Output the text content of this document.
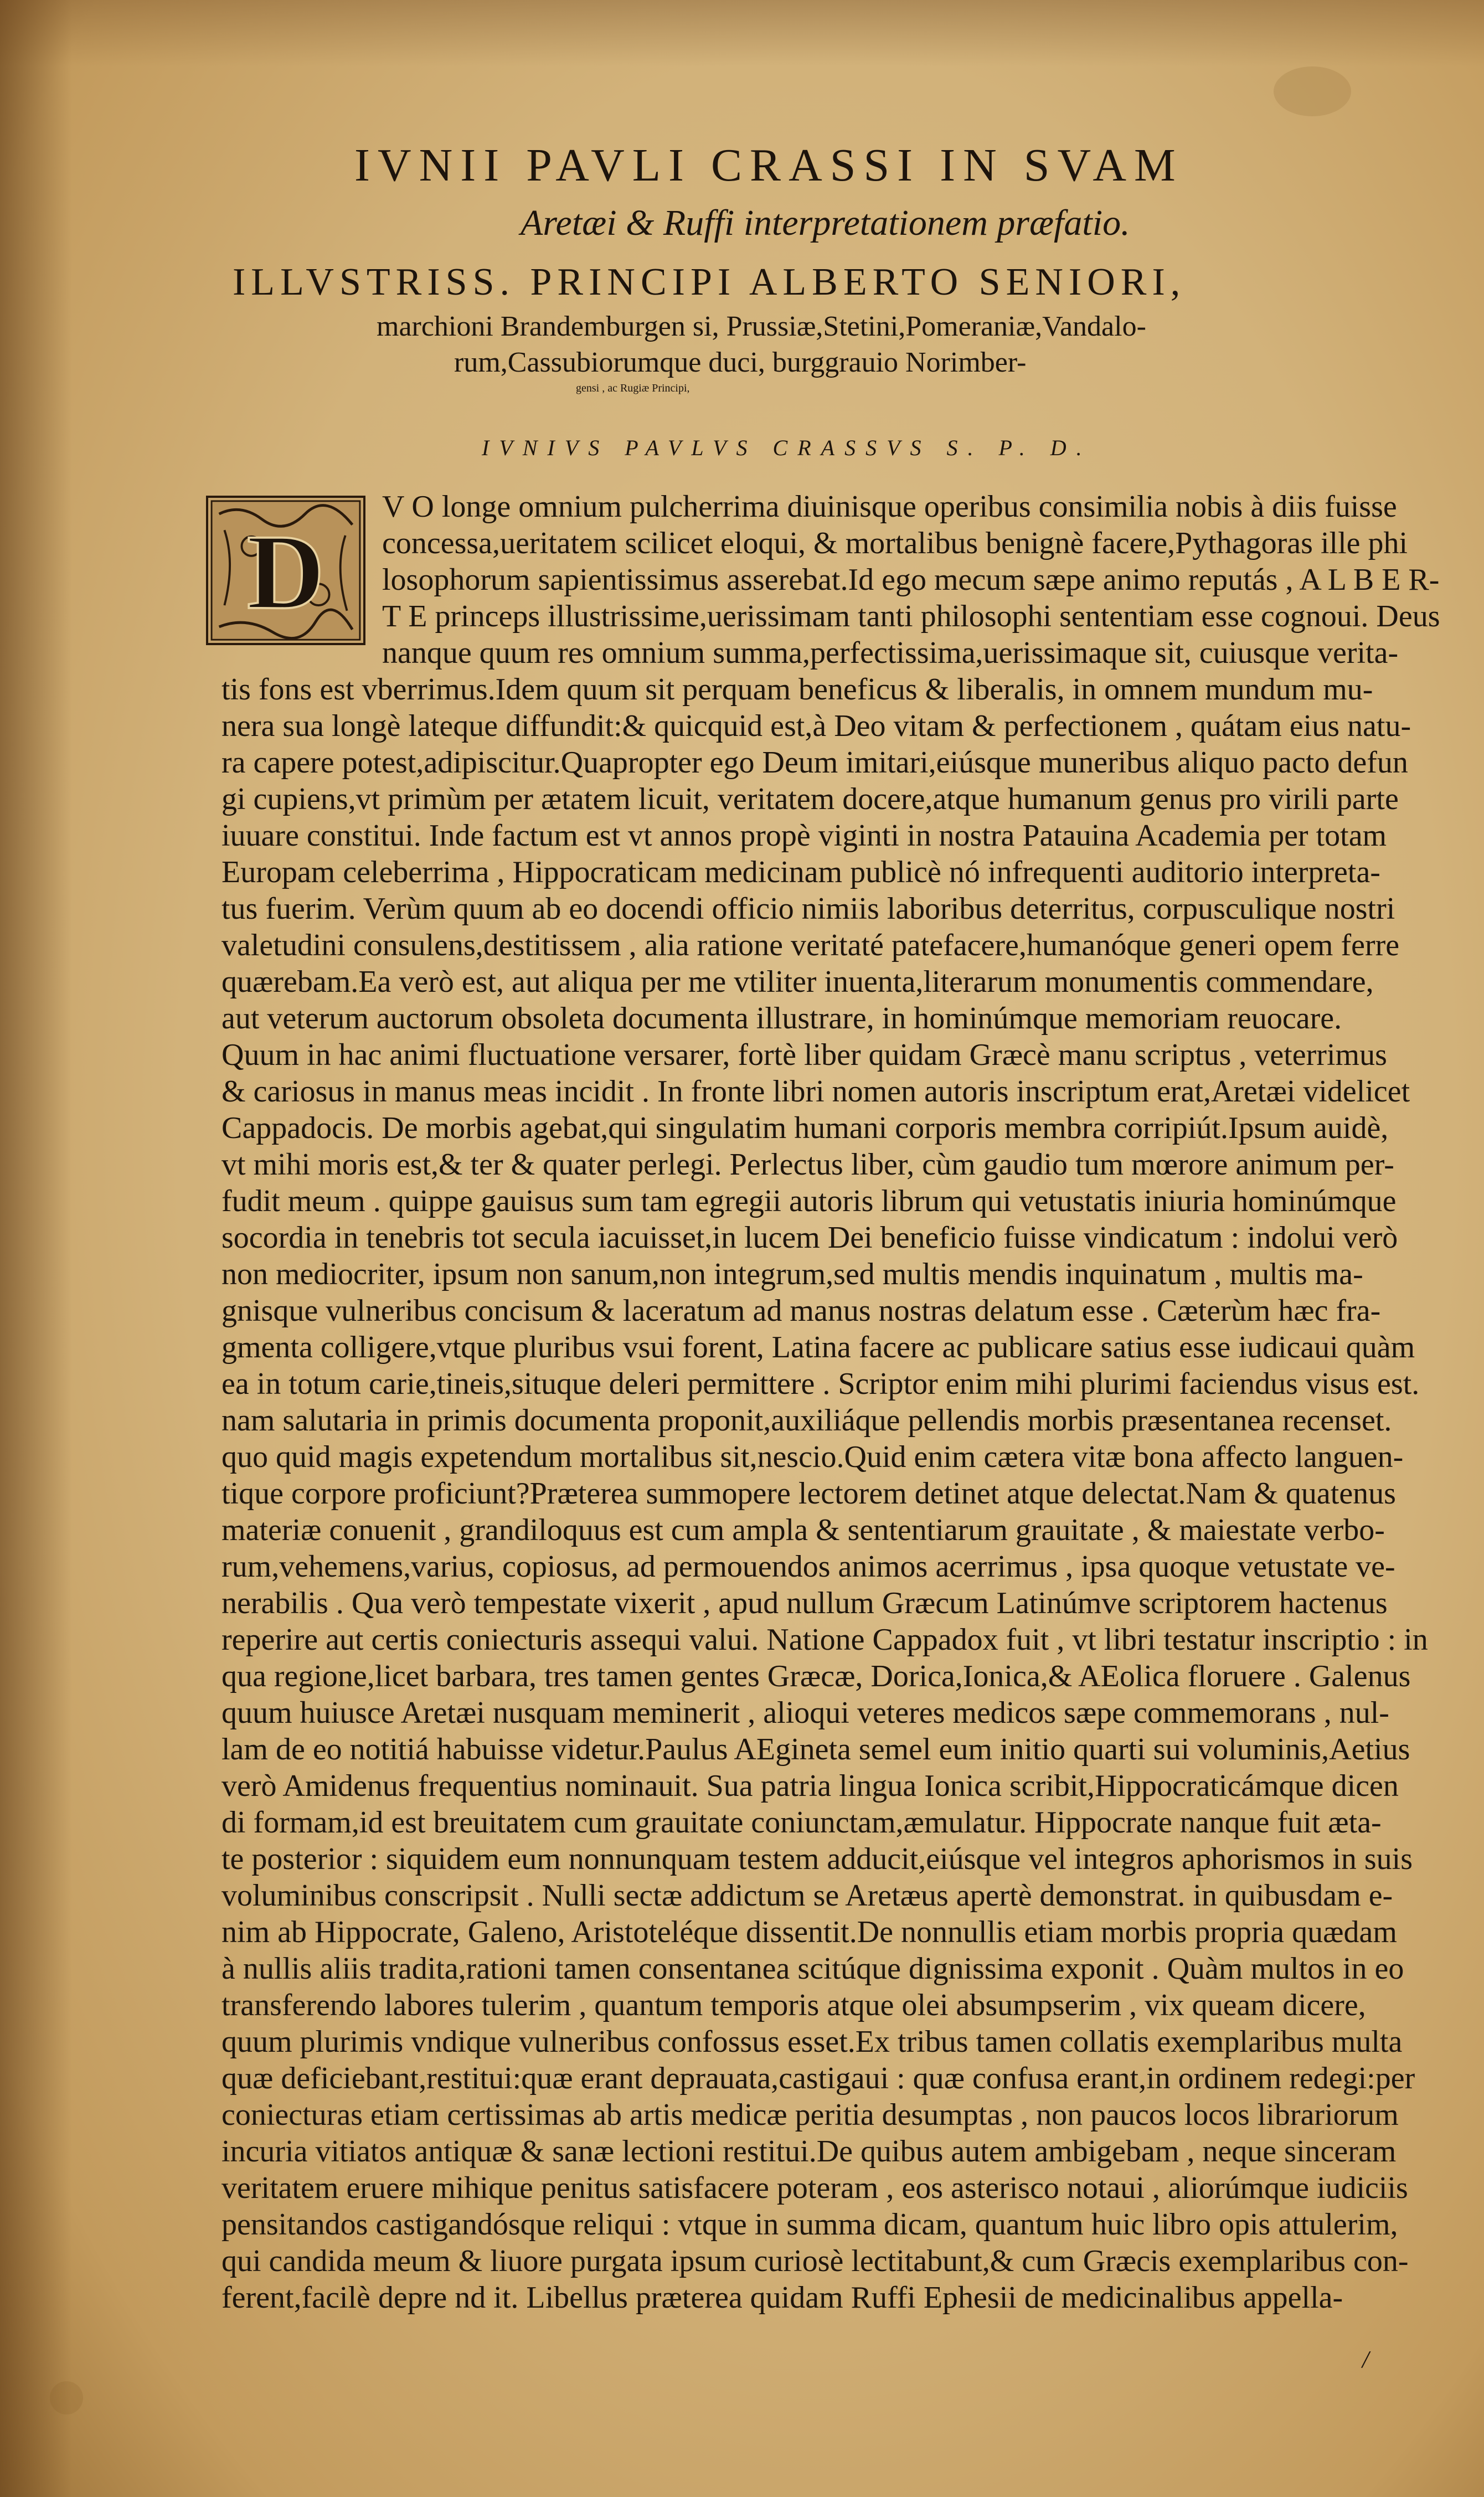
IVNII PAVLI CRASSI IN SVAM
Aretæi & Ruffi interpretationem præfatio.
ILLVSTRISS. PRINCIPI ALBERTO SENIORI,
marchioni Brandemburgen si, Prussiæ,Stetini,Pomeraniæ,Vandalo-
rum,Cassubiorumque duci, burggrauio Norimber-
gensi , ac Rugiæ Principi,
IVNIVS PAVLVS CRASSVS S. P. D.
D
V O longe omnium pulcherrima diuinisque operibus consimilia nobis à diis fuisse
concessa,ueritatem scilicet eloqui, & mortalibus benignè facere,Pythagoras ille phi
losophorum sapientissimus asserebat.Id ego mecum sæpe animo reputás , A L B E R-
T E princeps illustrissime,uerissimam tanti philosophi sententiam esse cognoui. Deus
nanque quum res omnium summa,perfectissima,uerissimaque sit, cuiusque verita-
tis fons est vberrimus.Idem quum sit perquam beneficus & liberalis, in omnem mundum mu-
nera sua longè lateque diffundit:& quicquid est,à Deo vitam & perfectionem , quátam eius natu-
ra capere potest,adipiscitur.Quapropter ego Deum imitari,eiúsque muneribus aliquo pacto defun
gi cupiens,vt primùm per ætatem licuit, veritatem docere,atque humanum genus pro virili parte
iuuare constitui. Inde factum est vt annos propè viginti in nostra Patauina Academia per totam
Europam celeberrima , Hippocraticam medicinam publicè nó infrequenti auditorio interpreta-
tus fuerim. Verùm quum ab eo docendi officio nimiis laboribus deterritus, corpusculique nostri
valetudini consulens,destitissem , alia ratione veritaté patefacere,humanóque generi opem ferre
quærebam.Ea verò est, aut aliqua per me vtiliter inuenta,literarum monumentis commendare,
aut veterum auctorum obsoleta documenta illustrare, in hominúmque memoriam reuocare.
Quum in hac animi fluctuatione versarer, fortè liber quidam Græcè manu scriptus , veterrimus
& cariosus in manus meas incidit . In fronte libri nomen autoris inscriptum erat,Aretæi videlicet
Cappadocis. De morbis agebat,qui singulatim humani corporis membra corripiút.Ipsum auidè,
vt mihi moris est,& ter & quater perlegi. Perlectus liber, cùm gaudio tum mœrore animum per-
fudit meum . quippe gauisus sum tam egregii autoris librum qui vetustatis iniuria hominúmque
socordia in tenebris tot secula iacuisset,in lucem Dei beneficio fuisse vindicatum : indolui verò
non mediocriter, ipsum non sanum,non integrum,sed multis mendis inquinatum , multis ma-
gnisque vulneribus concisum & laceratum ad manus nostras delatum esse . Cæterùm hæc fra-
gmenta colligere,vtque pluribus vsui forent, Latina facere ac publicare satius esse iudicaui quàm
ea in totum carie,tineis,situque deleri permittere . Scriptor enim mihi plurimi faciendus visus est.
nam salutaria in primis documenta proponit,auxiliáque pellendis morbis præsentanea recenset.
quo quid magis expetendum mortalibus sit,nescio.Quid enim cætera vitæ bona affecto languen-
tique corpore proficiunt?Præterea summopere lectorem detinet atque delectat.Nam & quatenus
materiæ conuenit , grandiloquus est cum ampla & sententiarum grauitate , & maiestate verbo-
rum,vehemens,varius, copiosus, ad permouendos animos acerrimus , ipsa quoque vetustate ve-
nerabilis . Qua verò tempestate vixerit , apud nullum Græcum Latinúmve scriptorem hactenus
reperire aut certis coniecturis assequi valui. Natione Cappadox fuit , vt libri testatur inscriptio : in
qua regione,licet barbara, tres tamen gentes Græcæ, Dorica,Ionica,& AEolica floruere . Galenus
quum huiusce Aretæi nusquam meminerit , alioqui veteres medicos sæpe commemorans , nul-
lam de eo notitiá habuisse videtur.Paulus AEgineta semel eum initio quarti sui voluminis,Aetius
verò Amidenus frequentius nominauit. Sua patria lingua Ionica scribit,Hippocraticámque dicen
di formam,id est breuitatem cum grauitate coniunctam,æmulatur. Hippocrate nanque fuit æta-
te posterior : siquidem eum nonnunquam testem adducit,eiúsque vel integros aphorismos in suis
voluminibus conscripsit . Nulli sectæ addictum se Aretæus apertè demonstrat. in quibusdam e-
nim ab Hippocrate, Galeno, Aristoteléque dissentit.De nonnullis etiam morbis propria quædam
à nullis aliis tradita,rationi tamen consentanea scitúque dignissima exponit . Quàm multos in eo
transferendo labores tulerim , quantum temporis atque olei absumpserim , vix queam dicere,
quum plurimis vndique vulneribus confossus esset.Ex tribus tamen collatis exemplaribus multa
quæ deficiebant,restitui:quæ erant deprauata,castigaui : quæ confusa erant,in ordinem redegi:per
coniecturas etiam certissimas ab artis medicæ peritia desumptas , non paucos locos librariorum
incuria vitiatos antiquæ & sanæ lectioni restitui.De quibus autem ambigebam , neque sinceram
veritatem eruere mihique penitus satisfacere poteram , eos asterisco notaui , aliorúmque iudiciis
pensitandos castigandósque reliqui : vtque in summa dicam, quantum huic libro opis attulerim,
qui candida meum & liuore purgata ipsum curiosè lectitabunt,& cum Græcis exemplaribus con-
ferent,facilè depre nd it. Libellus præterea quidam Ruffi Ephesii de medicinalibus appella-
/
